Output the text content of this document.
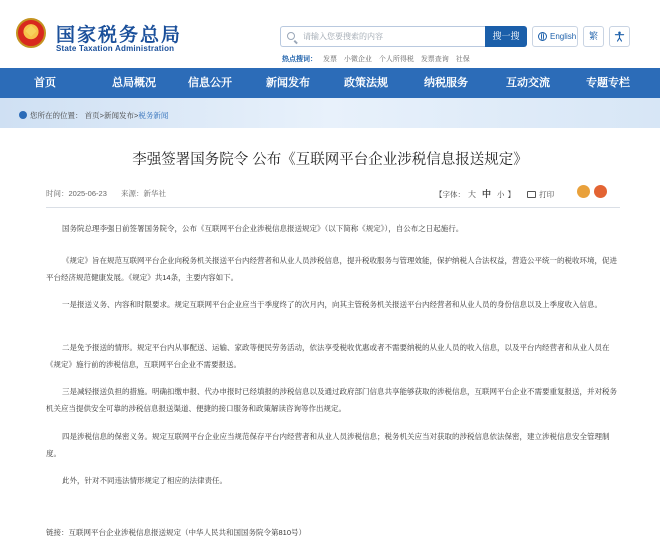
国家税务总局
State Taxation Administration
请输入您要搜索的内容
搜一搜
热点搜词： 发票 小微企业 个人所得税 发票查询 社保
English	繁
首页	总局概况	信息公开	新闻发布	政策法规	纳税服务	互动交流	专题专栏
您所在的位置： 首页>新闻发布>税务新闻
李强签署国务院令 公布《互联网平台企业涉税信息报送规定》
时间：2025-06-23 来源：新华社	【字体： 大 中 小 】	打印

国务院总理李强日前签署国务院令，公布《互联网平台企业涉税信息报送规定》（以下简称《规定》），自公布之日起施行。

《规定》旨在规范互联网平台企业向税务机关报送平台内经营者和从业人员涉税信息，提升税收服务与管理效能，保护纳税人合法权益，营造公平统一的税收环境，促进平台经济规范健康发展。《规定》共14条，主要内容如下。

一是报送义务、内容和时限要求。规定互联网平台企业应当于季度终了的次月内，向其主管税务机关报送平台内经营者和从业人员的身份信息以及上季度收入信息。

二是免予报送的情形。规定平台内从事配送、运输、家政等便民劳务活动，依法享受税收优惠或者不需要纳税的从业人员的收入信息，以及平台内经营者和从业人员在《规定》施行前的涉税信息，互联网平台企业不需要报送。

三是减轻报送负担的措施。明确扣缴申报、代办申报时已经填报的涉税信息以及通过政府部门信息共享能够获取的涉税信息，互联网平台企业不需要重复报送，并对税务机关应当提供安全可靠的涉税信息报送渠道、便捷的接口服务和政策解读咨询等作出规定。

四是涉税信息的保密义务。规定互联网平台企业应当规范保存平台内经营者和从业人员涉税信息；税务机关应当对获取的涉税信息依法保密，建立涉税信息安全管理制度。

此外，针对不同违法情形规定了相应的法律责任。

链接：互联网平台企业涉税信息报送规定（中华人民共和国国务院令第810号）
